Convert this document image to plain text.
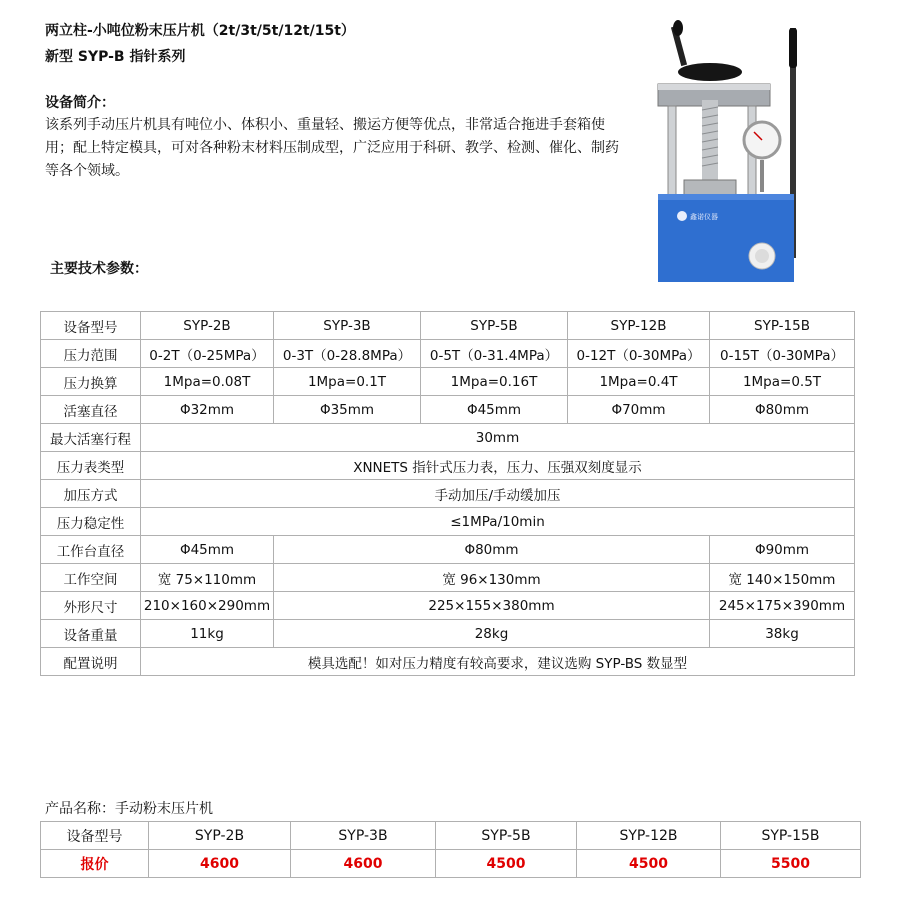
两立柱-小吨位粉末压片机（2t/3t/5t/12t/15t）
新型 SYP-B 指针系列
设备简介：
该系列手动压片机具有吨位小、体积小、重量轻、搬运方便等优点，非常适合拖进手套箱使用；配上特定模具，可对各种粉末材料压制成型，广泛应用于科研、教学、检测、催化、制药等各个领域。
主要技术参数：
鑫诺仪器
设备型号	SYP-2B	SYP-3B	SYP-5B	SYP-12B	SYP-15B
压力范围	0-2T（0-25MPa）	0-3T（0-28.8MPa）	0-5T（0-31.4MPa）	0-12T（0-30MPa）	0-15T（0-30MPa）
压力换算	1Mpa=0.08T	1Mpa=0.1T	1Mpa=0.16T	1Mpa=0.4T	1Mpa=0.5T
活塞直径	Φ32mm	Φ35mm	Φ45mm	Φ70mm	Φ80mm
最大活塞行程	30mm				
压力表类型	XNNETS 指针式压力表，压力、压强双刻度显示				
加压方式	手动加压/手动缓加压				
压力稳定性	≤1MPa/10min				
工作台直径	Φ45mm	Φ80mm			Φ90mm
工作空间	宽 75×110mm	宽 96×130mm			宽 140×150mm
外形尺寸	210×160×290mm	225×155×380mm			245×175×390mm
设备重量	11kg	28kg			38kg
配置说明	模具选配！如对压力精度有较高要求，建议选购 SYP-BS 数显型				
产品名称：手动粉末压片机
设备型号	SYP-2B	SYP-3B	SYP-5B	SYP-12B	SYP-15B
报价	4600	4600	4500	4500	5500
